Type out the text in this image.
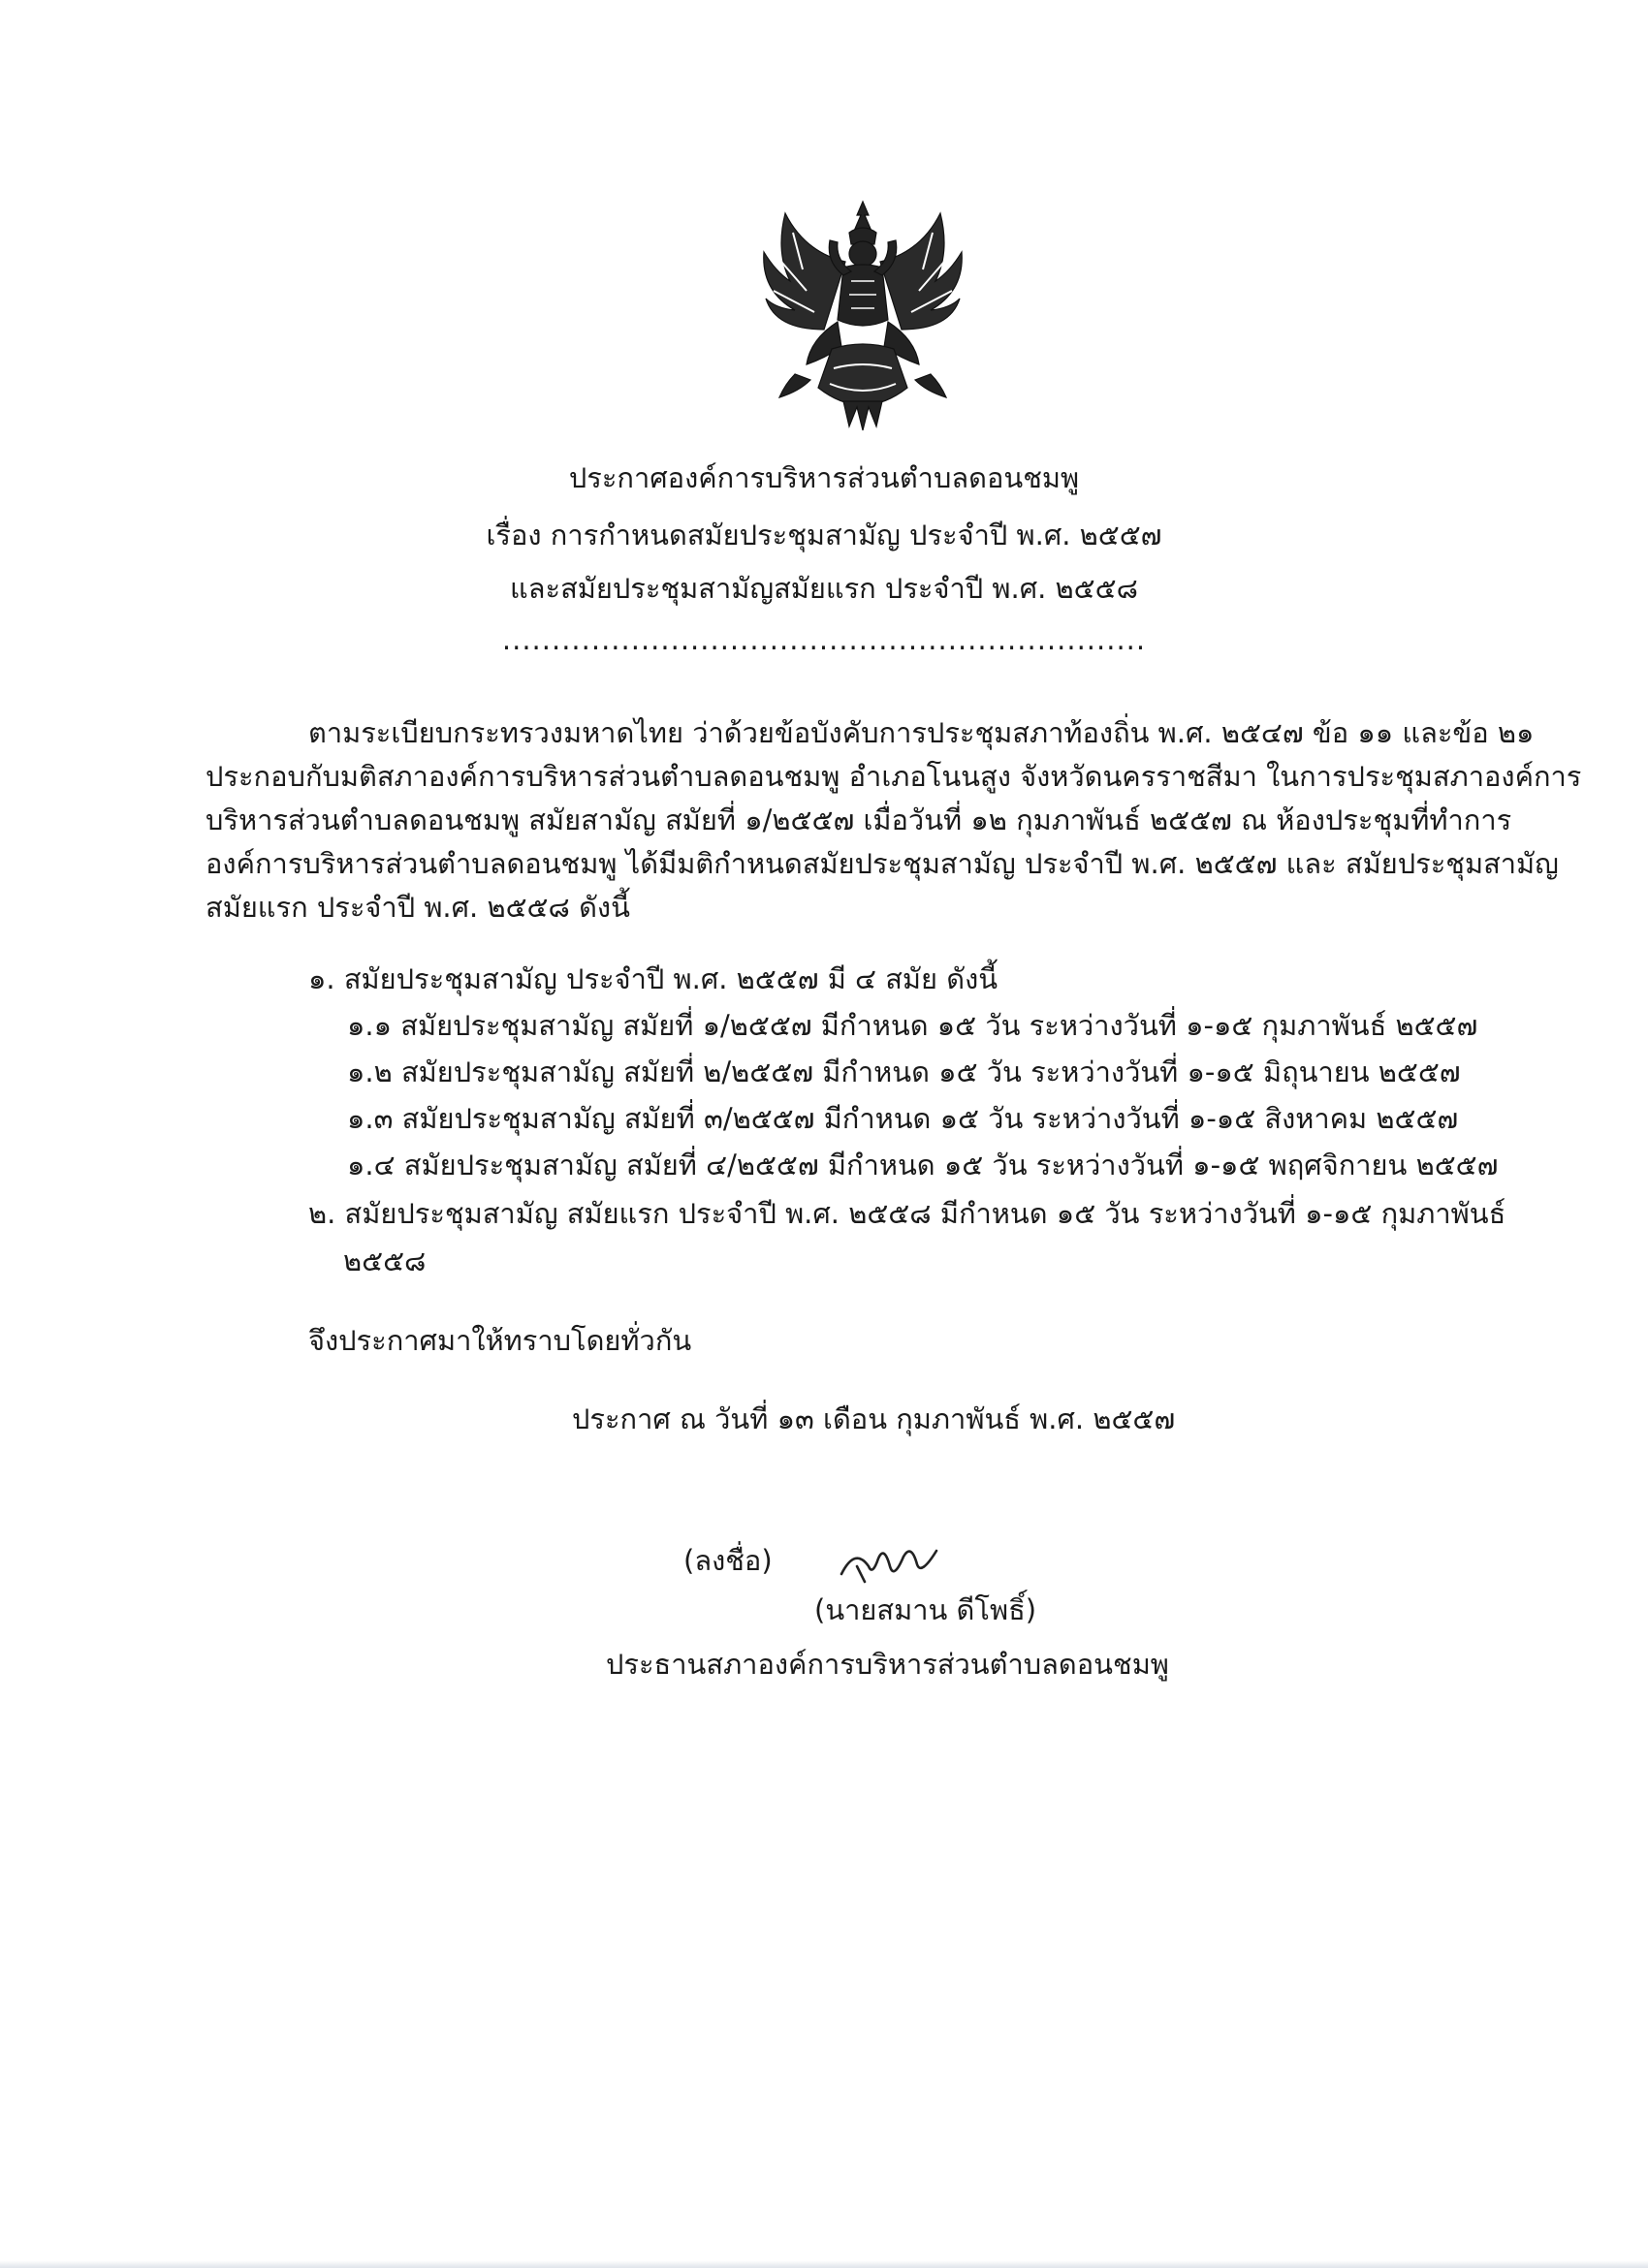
ประกาศองค์การบริหารส่วนตำบลดอนชมพู
เรื่อง การกำหนดสมัยประชุมสามัญ ประจำปี พ.ศ. ๒๕๕๗
และสมัยประชุมสามัญสมัยแรก ประจำปี พ.ศ. ๒๕๕๘
.................................................................
ตามระเบียบกระทรวงมหาดไทย ว่าด้วยข้อบังคับการประชุมสภาท้องถิ่น พ.ศ. ๒๕๔๗ ข้อ ๑๑ และข้อ ๒๑
ประกอบกับมติสภาองค์การบริหารส่วนตำบลดอนชมพู อำเภอโนนสูง จังหวัดนครราชสีมา ในการประชุมสภาองค์การ
บริหารส่วนตำบลดอนชมพู สมัยสามัญ สมัยที่ ๑/๒๕๕๗ เมื่อวันที่ ๑๒ กุมภาพันธ์ ๒๕๕๗ ณ ห้องประชุมที่ทำการ
องค์การบริหารส่วนตำบลดอนชมพู ได้มีมติกำหนดสมัยประชุมสามัญ ประจำปี พ.ศ. ๒๕๕๗ และ สมัยประชุมสามัญ
สมัยแรก ประจำปี พ.ศ. ๒๕๕๘ ดังนี้
๑. สมัยประชุมสามัญ ประจำปี พ.ศ. ๒๕๕๗ มี ๔ สมัย ดังนี้
๑.๑ สมัยประชุมสามัญ สมัยที่ ๑/๒๕๕๗ มีกำหนด ๑๕ วัน ระหว่างวันที่ ๑-๑๕ กุมภาพันธ์ ๒๕๕๗
๑.๒ สมัยประชุมสามัญ สมัยที่ ๒/๒๕๕๗ มีกำหนด ๑๕ วัน ระหว่างวันที่ ๑-๑๕ มิถุนายน ๒๕๕๗
๑.๓ สมัยประชุมสามัญ สมัยที่ ๓/๒๕๕๗ มีกำหนด ๑๕ วัน ระหว่างวันที่ ๑-๑๕ สิงหาคม ๒๕๕๗
๑.๔ สมัยประชุมสามัญ สมัยที่ ๔/๒๕๕๗ มีกำหนด ๑๕ วัน ระหว่างวันที่ ๑-๑๕ พฤศจิกายน ๒๕๕๗
๒. สมัยประชุมสามัญ สมัยแรก ประจำปี พ.ศ. ๒๕๕๘ มีกำหนด ๑๕ วัน ระหว่างวันที่ ๑-๑๕ กุมภาพันธ์
๒๕๕๘
จึงประกาศมาให้ทราบโดยทั่วกัน
ประกาศ ณ วันที่ ๑๓ เดือน กุมภาพันธ์ พ.ศ. ๒๕๕๗
(ลงชื่อ)
(นายสมาน ดีโพธิ์)
ประธานสภาองค์การบริหารส่วนตำบลดอนชมพู
